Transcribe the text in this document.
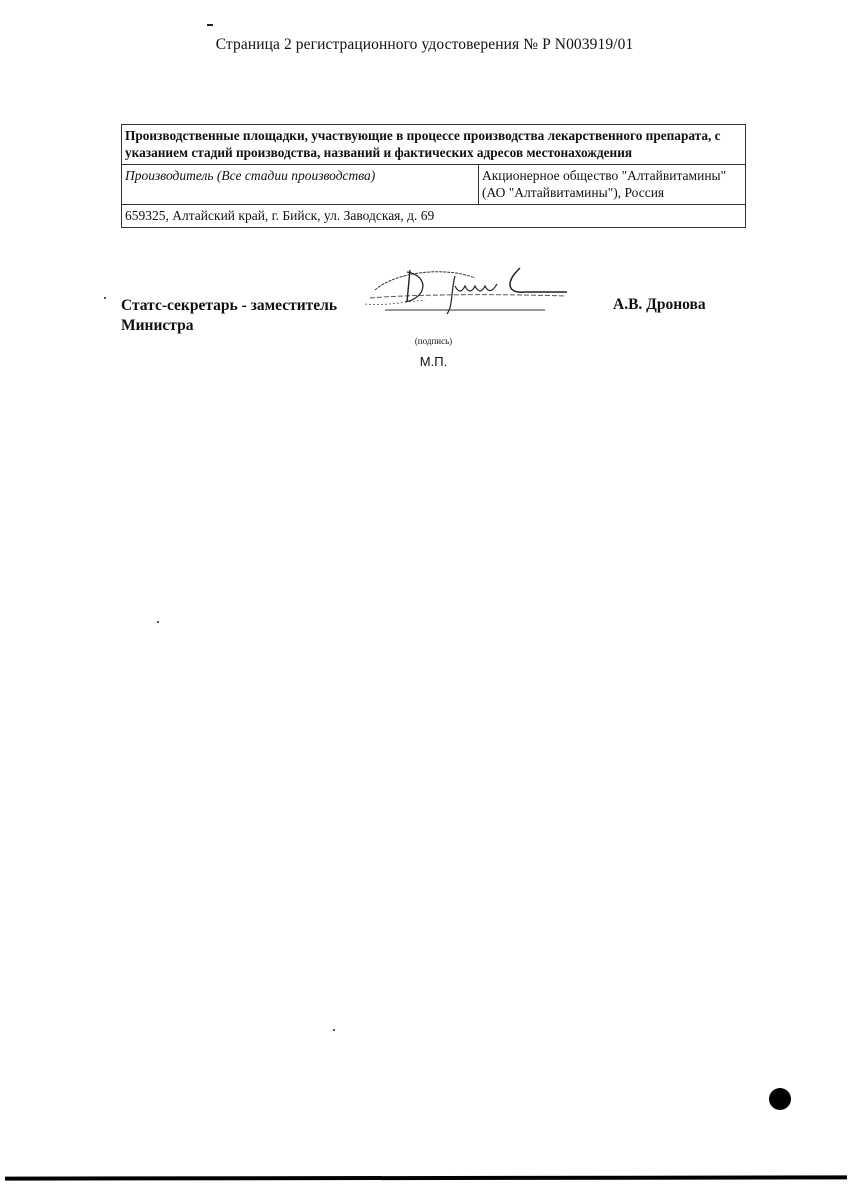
Страница 2 регистрационного удостоверения № Р N003919/01
Производственные площадки, участвующие в процессе производства лекарственного препарата, с указанием стадий производства, названий и фактических адресов местонахождения
Производитель (Все стадии производства)	Акционерное общество "Алтайвитамины" (АО "Алтайвитамины"), Россия
659325, Алтайский край, г. Бийск, ул. Заводская, д. 69
Статс-секретарь - заместитель
Министра
А.В. Дронова
(подпись)
М.П.
